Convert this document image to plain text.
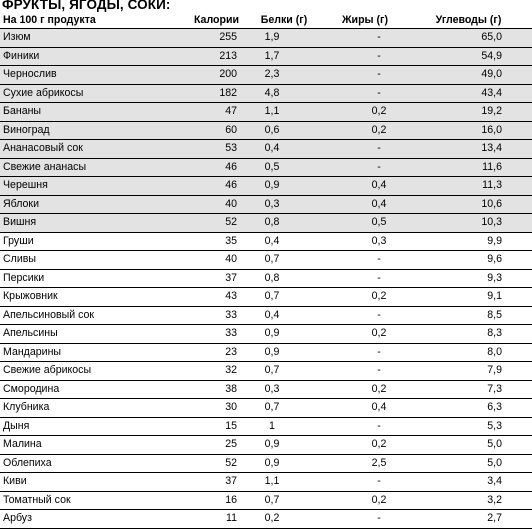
ФРУКТЫ, ЯГОДЫ, СОКИ:
На 100 г продукта	Калории	Белки (г)	Жиры (г)	Углеводы (г)
Изюм	255	1,9	-	65,0
Финики	213	1,7	-	54,9
Чернослив	200	2,3	-	49,0
Сухие абрикосы	182	4,8	-	43,4
Бананы	47	1,1	0,2	19,2
Виноград	60	0,6	0,2	16,0
Ананасовый сок	53	0,4	-	13,4
Свежие ананасы	46	0,5	-	11,6
Черешня	46	0,9	0,4	11,3
Яблоки	40	0,3	0,4	10,6
Вишня	52	0,8	0,5	10,3
Груши	35	0,4	0,3	9,9
Сливы	40	0,7	-	9,6
Персики	37	0,8	-	9,3
Крыжовник	43	0,7	0,2	9,1
Апельсиновый сок	33	0,4	-	8,5
Апельсины	33	0,9	0,2	8,3
Мандарины	23	0,9	-	8,0
Свежие абрикосы	32	0,7	-	7,9
Смородина	38	0,3	0,2	7,3
Клубника	30	0,7	0,4	6,3
Дыня	15	1	-	5,3
Малина	25	0,9	0,2	5,0
Облепиха	52	0,9	2,5	5,0
Киви	37	1,1	-	3,4
Томатный сок	16	0,7	0,2	3,2
Арбуз	11	0,2	-	2,7
